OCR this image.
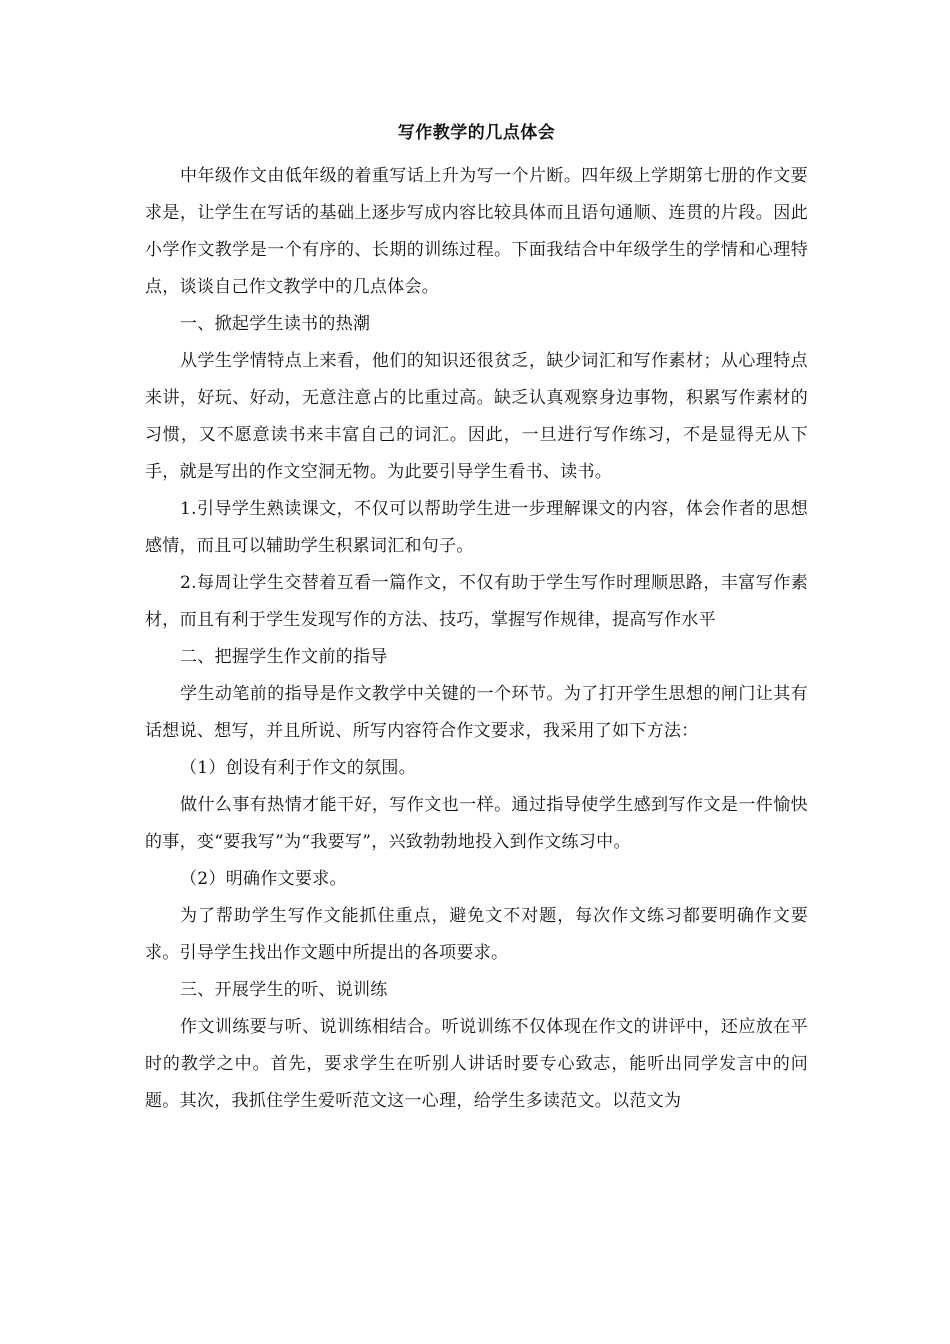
写作教学的几点体会

中年级作文由低年级的着重写话上升为写一个片断。四年级上学期第七册的作文要求是，让学生在写话的基础上逐步写成内容比较具体而且语句通顺、连贯的片段。因此小学作文教学是一个有序的、长期的训练过程。下面我结合中年级学生的学情和心理特点，谈谈自己作文教学中的几点体会。

一、掀起学生读书的热潮

从学生学情特点上来看，他们的知识还很贫乏，缺少词汇和写作素材；从心理特点来讲，好玩、好动，无意注意占的比重过高。缺乏认真观察身边事物，积累写作素材的习惯，又不愿意读书来丰富自己的词汇。因此，一旦进行写作练习，不是显得无从下手，就是写出的作文空洞无物。为此要引导学生看书、读书。

1.引导学生熟读课文，不仅可以帮助学生进一步理解课文的内容，体会作者的思想感情，而且可以辅助学生积累词汇和句子。

2.每周让学生交替着互看一篇作文，不仅有助于学生写作时理顺思路，丰富写作素材，而且有利于学生发现写作的方法、技巧，掌握写作规律，提高写作水平

二、把握学生作文前的指导

学生动笔前的指导是作文教学中关键的一个环节。为了打开学生思想的闸门让其有话想说、想写，并且所说、所写内容符合作文要求，我采用了如下方法：

（1）创设有利于作文的氛围。

做什么事有热情才能干好，写作文也一样。通过指导使学生感到写作文是一件愉快的事，变“要我写”为“我要写”，兴致勃勃地投入到作文练习中。

（2）明确作文要求。

为了帮助学生写作文能抓住重点，避免文不对题，每次作文练习都要明确作文要求。引导学生找出作文题中所提出的各项要求。

三、开展学生的听、说训练

作文训练要与听、说训练相结合。听说训练不仅体现在作文的讲评中，还应放在平时的教学之中。首先，要求学生在听别人讲话时要专心致志，能听出同学发言中的问题。其次，我抓住学生爱听范文这一心理，给学生多读范文。以范文为
